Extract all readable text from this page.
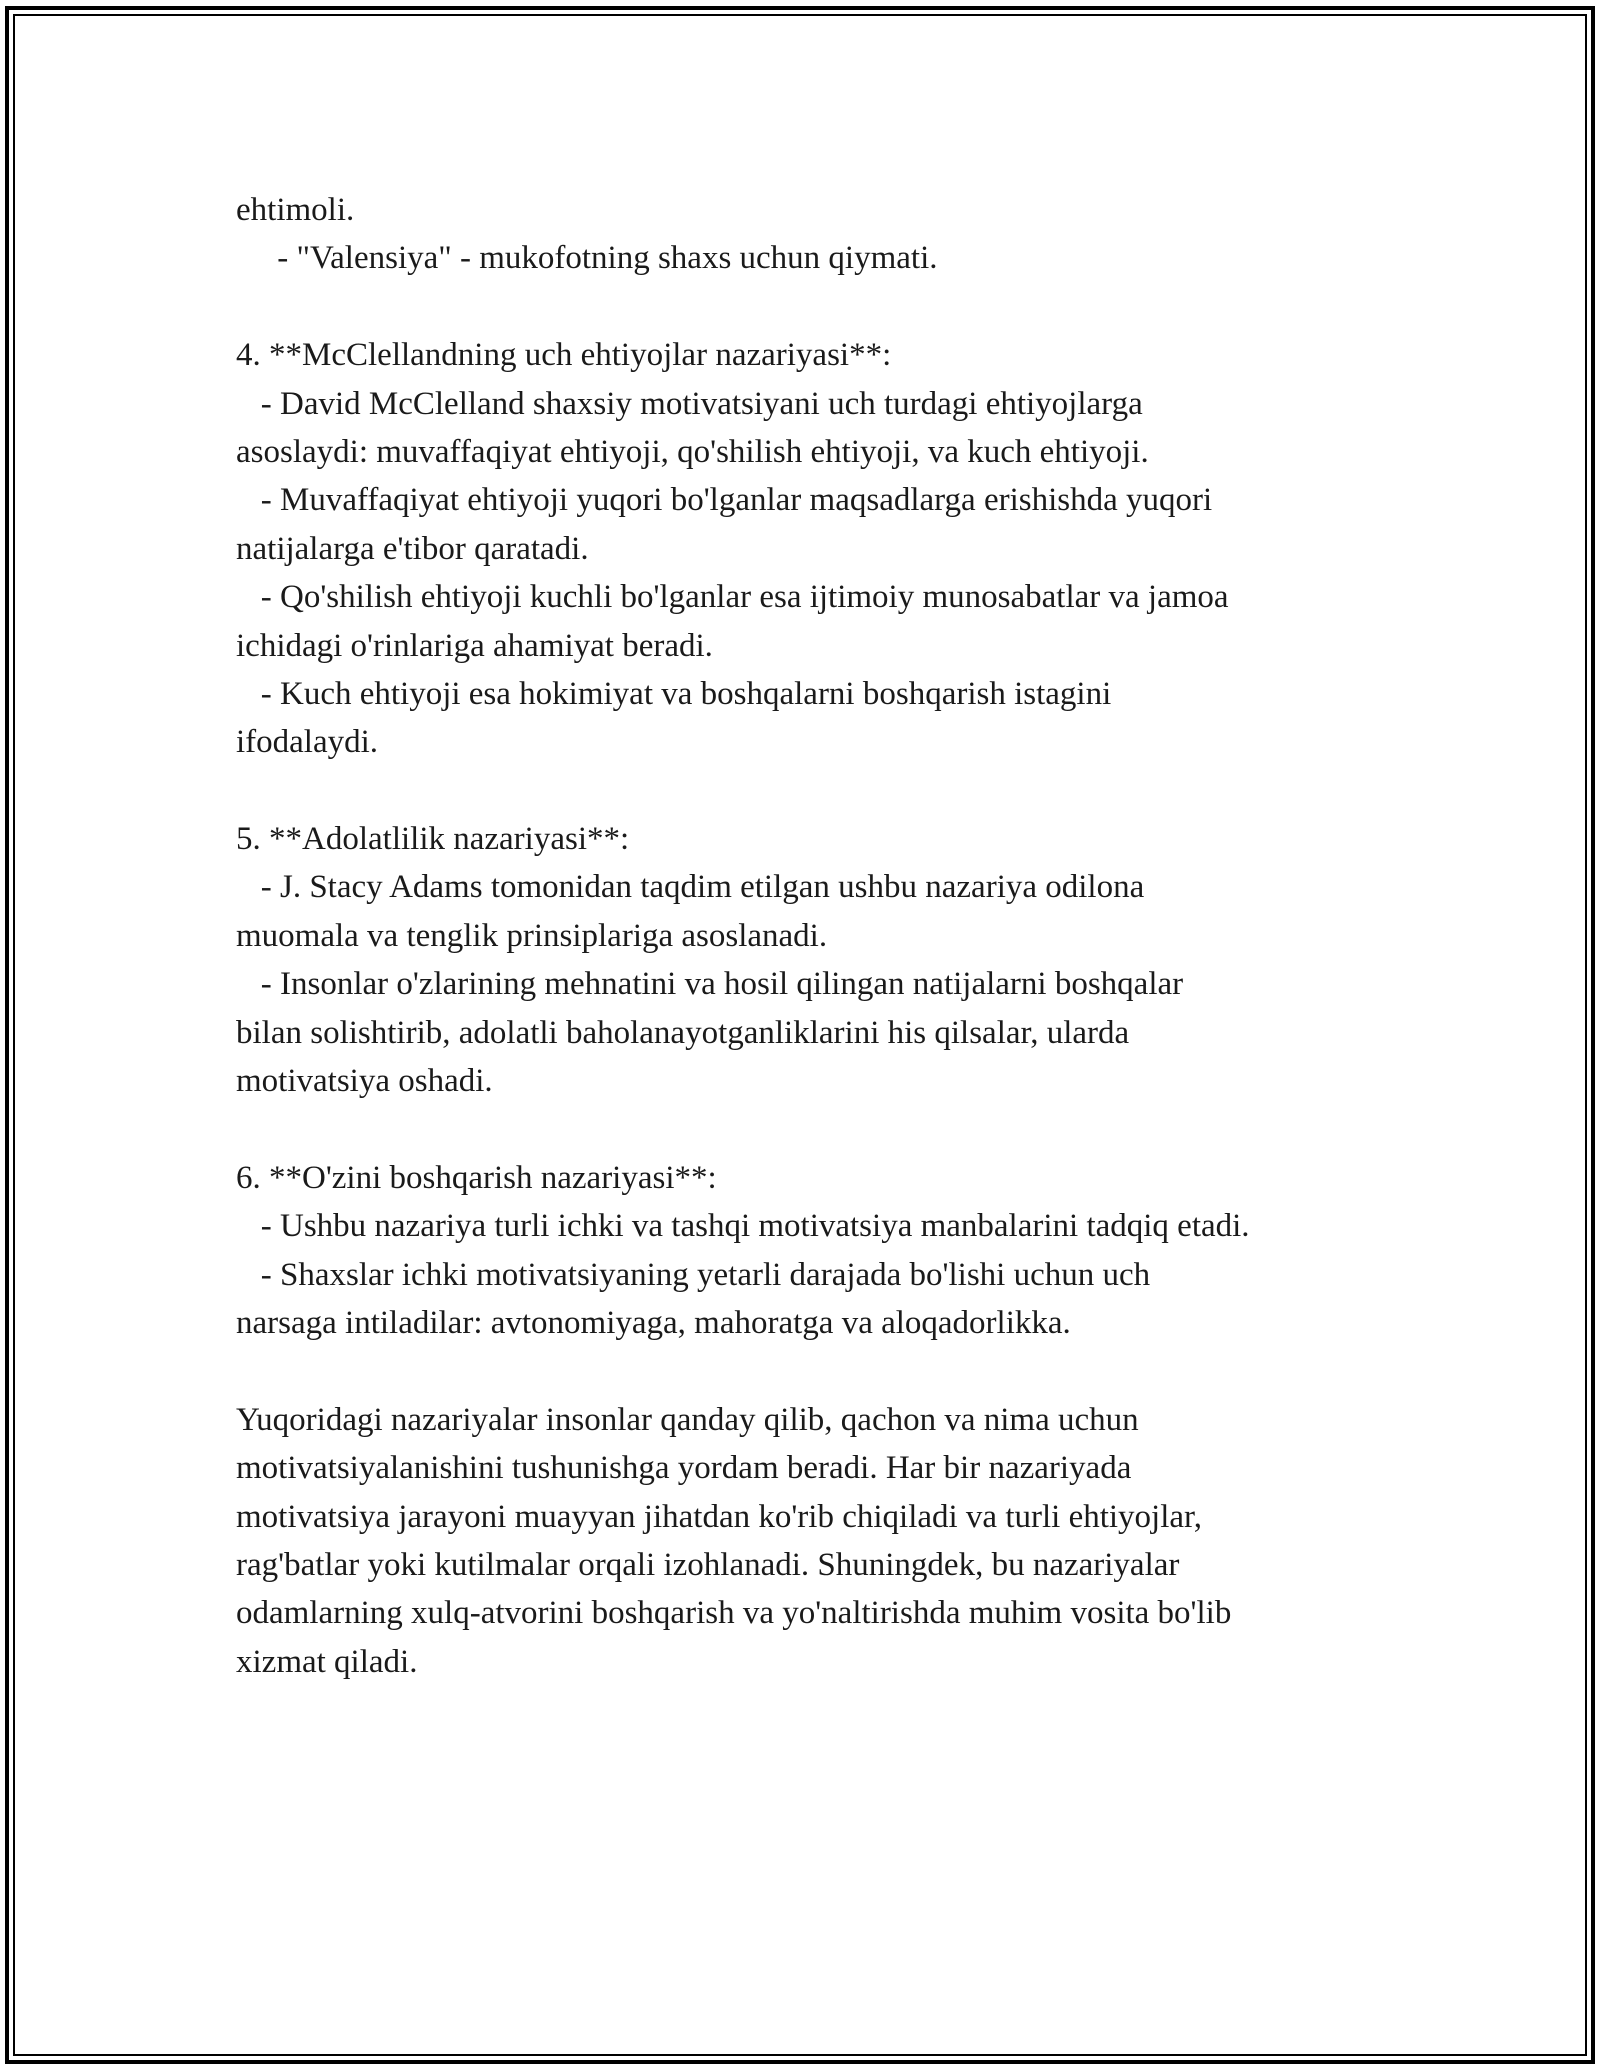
ehtimoli.
- "Valensiya" - mukofotning shaxs uchun qiymati.
4. **McClellandning uch ehtiyojlar nazariyasi**:
- David McClelland shaxsiy motivatsiyani uch turdagi ehtiyojlarga
asoslaydi: muvaffaqiyat ehtiyoji, qo'shilish ehtiyoji, va kuch ehtiyoji.
- Muvaffaqiyat ehtiyoji yuqori bo'lganlar maqsadlarga erishishda yuqori
natijalarga e'tibor qaratadi.
- Qo'shilish ehtiyoji kuchli bo'lganlar esa ijtimoiy munosabatlar va jamoa
ichidagi o'rinlariga ahamiyat beradi.
- Kuch ehtiyoji esa hokimiyat va boshqalarni boshqarish istagini
ifodalaydi.
5. **Adolatlilik nazariyasi**:
- J. Stacy Adams tomonidan taqdim etilgan ushbu nazariya odilona
muomala va tenglik prinsiplariga asoslanadi.
- Insonlar o'zlarining mehnatini va hosil qilingan natijalarni boshqalar
bilan solishtirib, adolatli baholanayotganliklarini his qilsalar, ularda
motivatsiya oshadi.
6. **O'zini boshqarish nazariyasi**:
- Ushbu nazariya turli ichki va tashqi motivatsiya manbalarini tadqiq etadi.
- Shaxslar ichki motivatsiyaning yetarli darajada bo'lishi uchun uch
narsaga intiladilar: avtonomiyaga, mahoratga va aloqadorlikka.
Yuqoridagi nazariyalar insonlar qanday qilib, qachon va nima uchun
motivatsiyalanishini tushunishga yordam beradi. Har bir nazariyada
motivatsiya jarayoni muayyan jihatdan ko'rib chiqiladi va turli ehtiyojlar,
rag'batlar yoki kutilmalar orqali izohlanadi. Shuningdek, bu nazariyalar
odamlarning xulq-atvorini boshqarish va yo'naltirishda muhim vosita bo'lib
xizmat qiladi.
